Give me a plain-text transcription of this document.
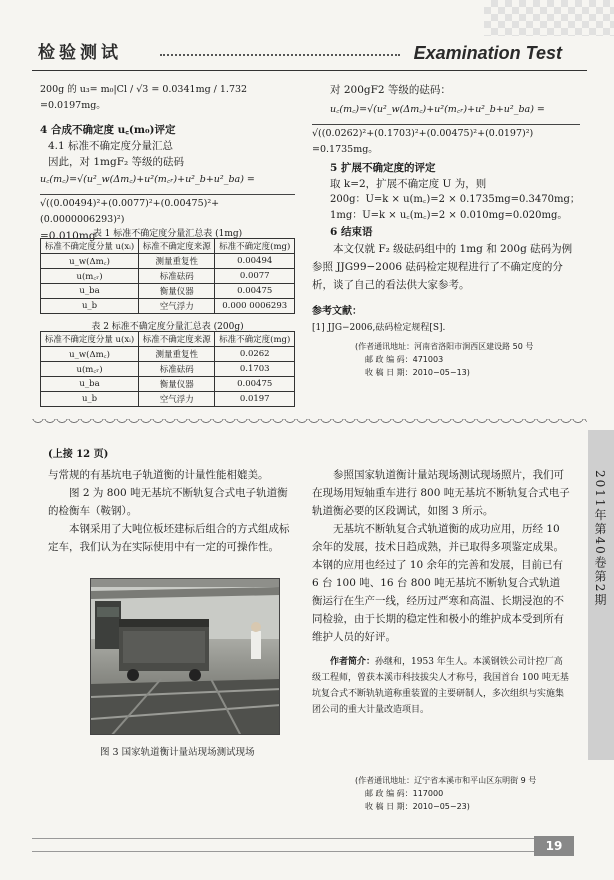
检验测试	Examination Test
200g 的 u₃= m₀|Cl / √3 = 0.0341mg / 1.732 =0.0197mg。
4 合成不确定度 u꜀(m₀)评定
4.1 标准不确定度分量汇总
因此，对 1mgF₂ 等级的砝码
u꜀(m꜀)=√(u²_w(Δm꜀)+u²(m꜀ᵣ)+u²_b+u²_ba) =
√((0.00494)²+(0.0077)²+(0.00475)²+(0.0000006293)²)
=0.010mg
表 1 标准不确定度分量汇总表 (1mg)
标准不确定度分量 u(xᵢ)	标准不确定度来源	标准不确定度(mg)
u_w(Δm꜀)	测量重复性	0.00494
u(m꜀ᵣ)	标准砝码	0.0077
u_ba	衡量仪器	0.00475
u_b	空气浮力	0.000 0006293
表 2 标准不确定度分量汇总表 (200g)
标准不确定度分量 u(xᵢ)	标准不确定度来源	标准不确定度(mg)
u_w(Δm꜀)	测量重复性	0.0262
u(m꜀ᵣ)	标准砝码	0.1703
u_ba	衡量仪器	0.00475
u_b	空气浮力	0.0197
对 200gF2 等级的砝码：
u꜀(m꜀)=√(u²_w(Δm꜀)+u²(m꜀ᵣ)+u²_b+u²_ba) =
√((0.0262)²+(0.1703)²+(0.00475)²+(0.0197)²) =0.1735mg。
5 扩展不确定度的评定
取 k=2，扩展不确定度 U 为，则
200g：U=k × u(m꜀)=2 × 0.1735mg=0.3470mg；
1mg：U=k × u꜀(m꜀)=2 × 0.010mg=0.020mg。
6 结束语
本文仅就 F₂ 级砝码组中的 1mg 和 200g 砝码为例参照 JJG99−2006 砝码检定规程进行了不确定度的分析，谈了自己的看法供大家参考。
参考文献：
[1] JJG−2006,砝码检定规程[S].
(作者通讯地址：河南省洛阳市涧西区建设路 50 号
邮 政 编 码：471003
收 稿 日 期：2010−05−13)
(上接 12 页)
与常规的有基坑电子轨道衡的计量性能相媲美。
图 2 为 800 吨无基坑不断轨复合式电子轨道衡的检衡车（鞍钢）。
本钢采用了大吨位板坯建标后组合的方式组成标定车，我们认为在实际使用中有一定的可操作性。
图 3 国家轨道衡计量站现场测试现场
参照国家轨道衡计量站现场测试现场照片，我们可在现场用短轴重车进行 800 吨无基坑不断轨复合式电子轨道衡必要的区段调试，如图 3 所示。
无基坑不断轨复合式轨道衡的成功应用，历经 10 余年的发展，技术日趋成熟，并已取得多项鉴定成果。本钢的应用也经过了 10 余年的完善和发展，目前已有 6 台 100 吨、16 台 800 吨无基坑不断轨复合式轨道衡运行在生产一线，经历过严寒和高温、长期浸泡的不同检验，由于长期的稳定性和极小的维护成本受到所有维护人员的好评。
作者简介：孙继和，1953 年生人。本溪钢铁公司计控厂高级工程师，曾获本溪市科技拔尖人才称号，我国首台 100 吨无基坑复合式不断轨轨道称重装置的主要研制人，多次组织与实施集团公司的重大计量改造项目。
(作者通讯地址：辽宁省本溪市和平山区东明街 9 号
邮 政 编 码：117000
收 稿 日 期：2010−05−23)
2011年第40卷第2期
19
